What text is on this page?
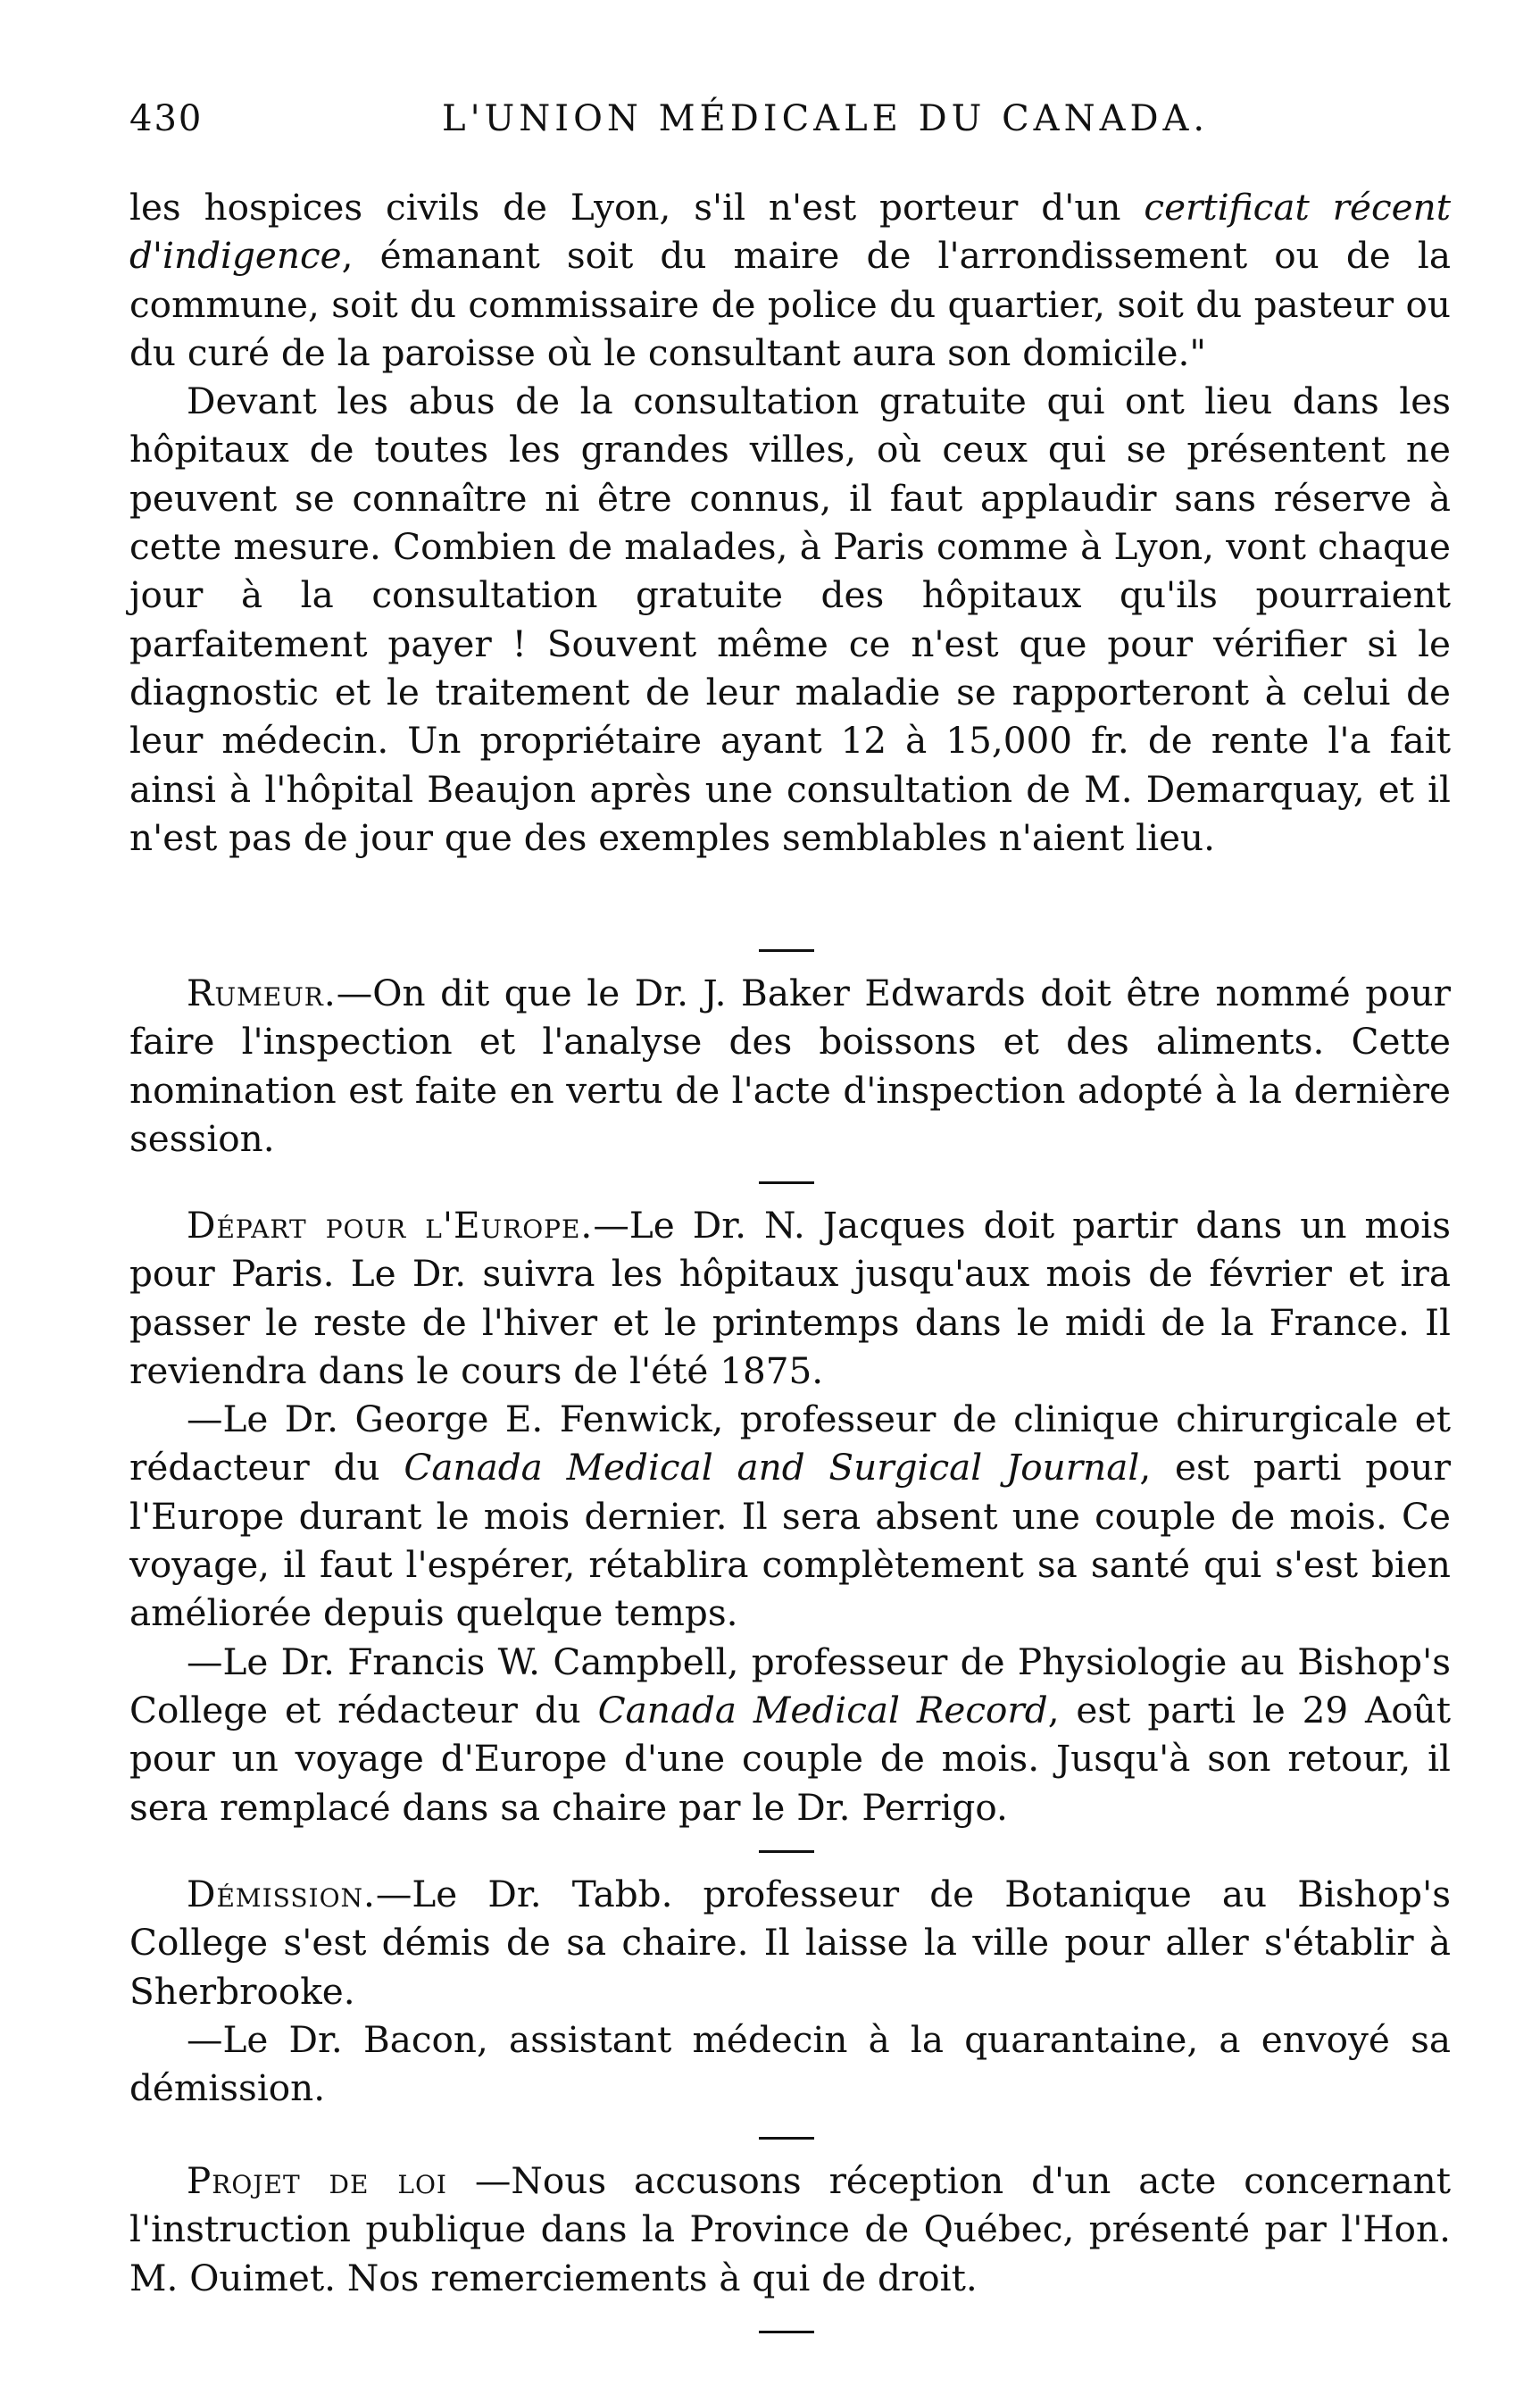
430	L'UNION MÉDICALE DU CANADA.

les hospices civils de Lyon, s'il n'est porteur d'un certificat récent d'indigence, émanant soit du maire de l'arrondissement ou de la commune, soit du commissaire de police du quartier, soit du pasteur ou du curé de la paroisse où le consultant aura son domicile."

Devant les abus de la consultation gratuite qui ont lieu dans les hôpitaux de toutes les grandes villes, où ceux qui se présentent ne peuvent se connaître ni être connus, il faut applaudir sans réserve à cette mesure. Combien de malades, à Paris comme à Lyon, vont chaque jour à la consultation gratuite des hôpitaux qu'ils pourraient parfaitement payer ! Souvent même ce n'est que pour vérifier si le diagnostic et le traitement de leur maladie se rapporteront à celui de leur médecin. Un propriétaire ayant 12 à 15,000 fr. de rente l'a fait ainsi à l'hôpital Beaujon après une consultation de M. Demarquay, et il n'est pas de jour que des exemples semblables n'aient lieu.

Rumeur.—On dit que le Dr. J. Baker Edwards doit être nommé pour faire l'inspection et l'analyse des boissons et des aliments. Cette nomination est faite en vertu de l'acte d'inspection adopté à la dernière session.

Départ pour l'Europe.—Le Dr. N. Jacques doit partir dans un mois pour Paris. Le Dr. suivra les hôpitaux jusqu'aux mois de février et ira passer le reste de l'hiver et le printemps dans le midi de la France. Il reviendra dans le cours de l'été 1875.

—Le Dr. George E. Fenwick, professeur de clinique chirurgicale et rédacteur du Canada Medical and Surgical Journal, est parti pour l'Europe durant le mois dernier. Il sera absent une couple de mois. Ce voyage, il faut l'espérer, rétablira complètement sa santé qui s'est bien améliorée depuis quelque temps.

—Le Dr. Francis W. Campbell, professeur de Physiologie au Bishop's College et rédacteur du Canada Medical Record, est parti le 29 Août pour un voyage d'Europe d'une couple de mois. Jusqu'à son retour, il sera remplacé dans sa chaire par le Dr. Perrigo.

Démission.—Le Dr. Tabb. professeur de Botanique au Bishop's College s'est démis de sa chaire. Il laisse la ville pour aller s'établir à Sherbrooke.

—Le Dr. Bacon, assistant médecin à la quarantaine, a envoyé sa démission.

Projet de loi —Nous accusons réception d'un acte concernant l'instruction publique dans la Province de Québec, présenté par l'Hon. M. Ouimet. Nos remerciements à qui de droit.
